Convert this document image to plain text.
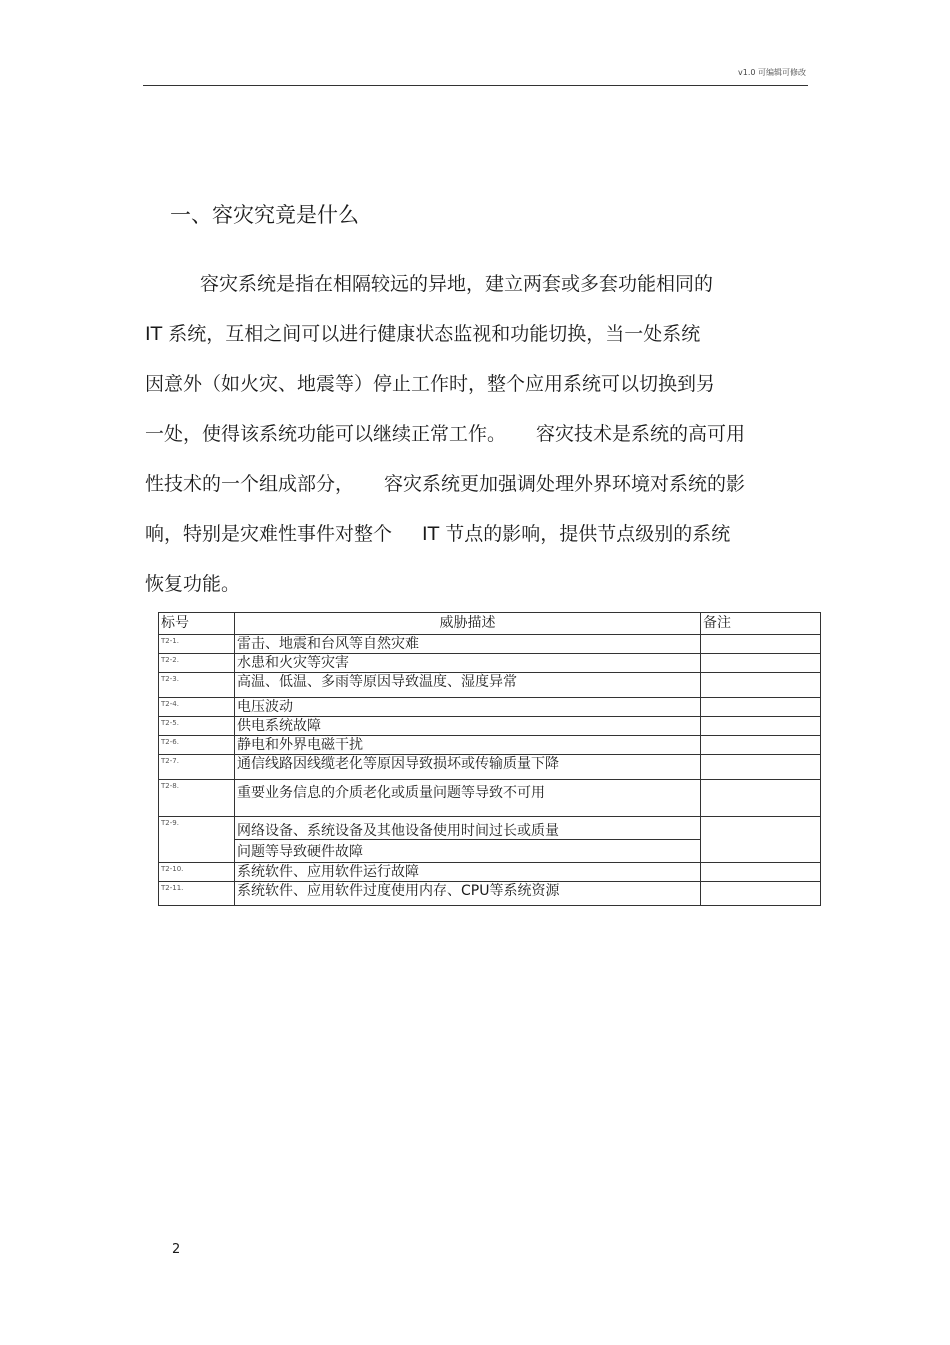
v1.0 可编辑可修改
一、容灾究竟是什么

容灾系统是指在相隔较远的异地，建立两套或多套功能相同的
IT 系统，互相之间可以进行健康状态监视和功能切换，当一处系统
因意外（如火灾、地震等）停止工作时，整个应用系统可以切换到另
一处，使得该系统功能可以继续正常工作。 容灾技术是系统的高可用
性技术的一个组成部分， 容灾系统更加强调处理外界环境对系统的影
响，特别是灾难性事件对整个 IT 节点的影响，提供节点级别的系统
恢复功能。

标号	威胁描述	备注
T2-1.	雷击、地震和台风等自然灾难	
T2-2.	水患和火灾等灾害	
T2-3.	高温、低温、多雨等原因导致温度、湿度异常	
T2-4.	电压波动	
T2-5.	供电系统故障	
T2-6.	静电和外界电磁干扰	
T2-7.	通信线路因线缆老化等原因导致损坏或传输质量下降	
T2-8.	重要业务信息的介质老化或质量问题等导致不可用	

T2-9.	网络设备、系统设备及其他设备使用时间过长或质量
问题等导致硬件故障	

T2-10.	系统软件、应用软件运行故障	
T2-11.	系统软件、应用软件过度使用内存、CPU等系统资源	
2
